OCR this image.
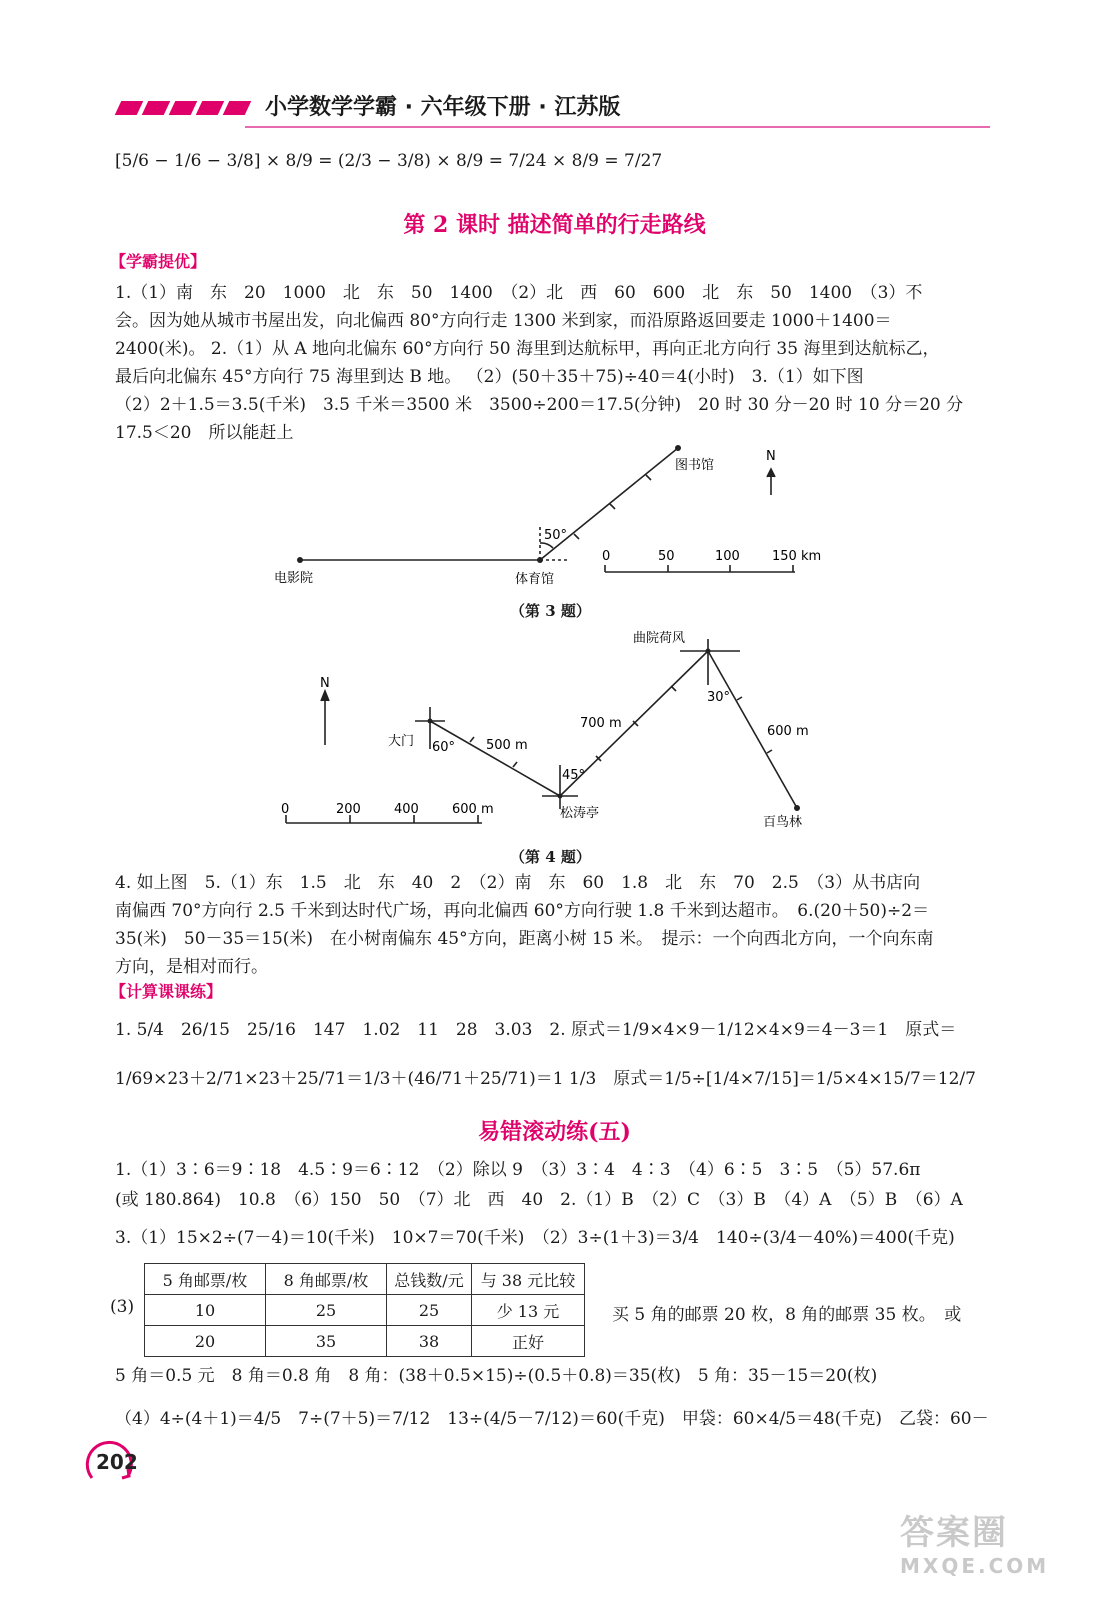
小学数学学霸 · 六年级下册 · 江苏版
[5/6 − 1/6 − 3/8] × 8/9 = (2/3 − 3/8) × 8/9 = 7/24 × 8/9 = 7/27
第 2 课时 描述简单的行走路线
【学霸提优】
1.（1）南　东　20　1000　北　东　50　1400　（2）北　西　60　600　北　东　50　1400　（3）不
会。因为她从城市书屋出发，向北偏西 80°方向行走 1300 米到家，而沿原路返回要走 1000＋1400＝
2400(米)。 2.（1）从 A 地向北偏东 60°方向行 50 海里到达航标甲，再向正北方向行 35 海里到达航标乙，
最后向北偏东 45°方向行 75 海里到达 B 地。 （2）(50＋35＋75)÷40＝4(小时)　3.（1）如下图
（2）2＋1.5＝3.5(千米)　3.5 千米＝3500 米　3500÷200＝17.5(分钟)　20 时 30 分－20 时 10 分＝20 分
17.5＜20　所以能赶上
图书馆
N
50°
电影院	体育馆
0	50	100 150 km
（第 3 题）
曲院荷风
N
30°
700 m
600 m
大门 60° 500 m
45°
松涛亭
百鸟林
0	200	400	600 m
（第 4 题）
4. 如上图　5.（1）东　1.5　北　东　40　2　（2）南　东　60　1.8　北　东　70　2.5　（3）从书店向
南偏西 70°方向行 2.5 千米到达时代广场，再向北偏西 60°方向行驶 1.8 千米到达超市。　6.(20＋50)÷2＝
35(米)　50－35＝15(米)　在小树南偏东 45°方向，距离小树 15 米。　提示：一个向西北方向，一个向东南
方向，是相对而行。
【计算课课练】
1. 5/4　26/15　25/16　147　1.02　11　28　3.03　2. 原式＝1/9×4×9－1/12×4×9＝4－3＝1　原式＝
1/69×23＋2/71×23＋25/71＝1/3＋(46/71＋25/71)＝1 1/3　原式＝1/5÷[1/4×7/15]＝1/5×4×15/7＝12/7
易错滚动练(五)
1.（1）3∶6＝9∶18　4.5∶9＝6∶12　（2）除以 9　（3）3∶4　4∶3　（4）6∶5　3∶5　（5）57.6π
(或 180.864)　10.8　（6）150　50　（7）北　西　40　2.（1）B　（2）C　（3）B　（4）A　（5）B　（6）A
3.（1）15×2÷(7－4)＝10(千米)　10×7＝70(千米)　（2）3÷(1＋3)＝3/4　140÷(3/4－40%)＝400(千克)
(3)
5 角邮票/枚	8 角邮票/枚	总钱数/元	与 38 元比较
10	25	25	少 13 元
20	35	38	正好
买 5 角的邮票 20 枚，8 角的邮票 35 枚。　或
5 角＝0.5 元　8 角＝0.8 角　8 角：(38＋0.5×15)÷(0.5＋0.8)＝35(枚)　5 角：35－15＝20(枚)
（4）4÷(4＋1)＝4/5　7÷(7＋5)＝7/12　13÷(4/5－7/12)＝60(千克)　甲袋：60×4/5＝48(千克)　乙袋：60－
202
答案圈
MXQE.COM
